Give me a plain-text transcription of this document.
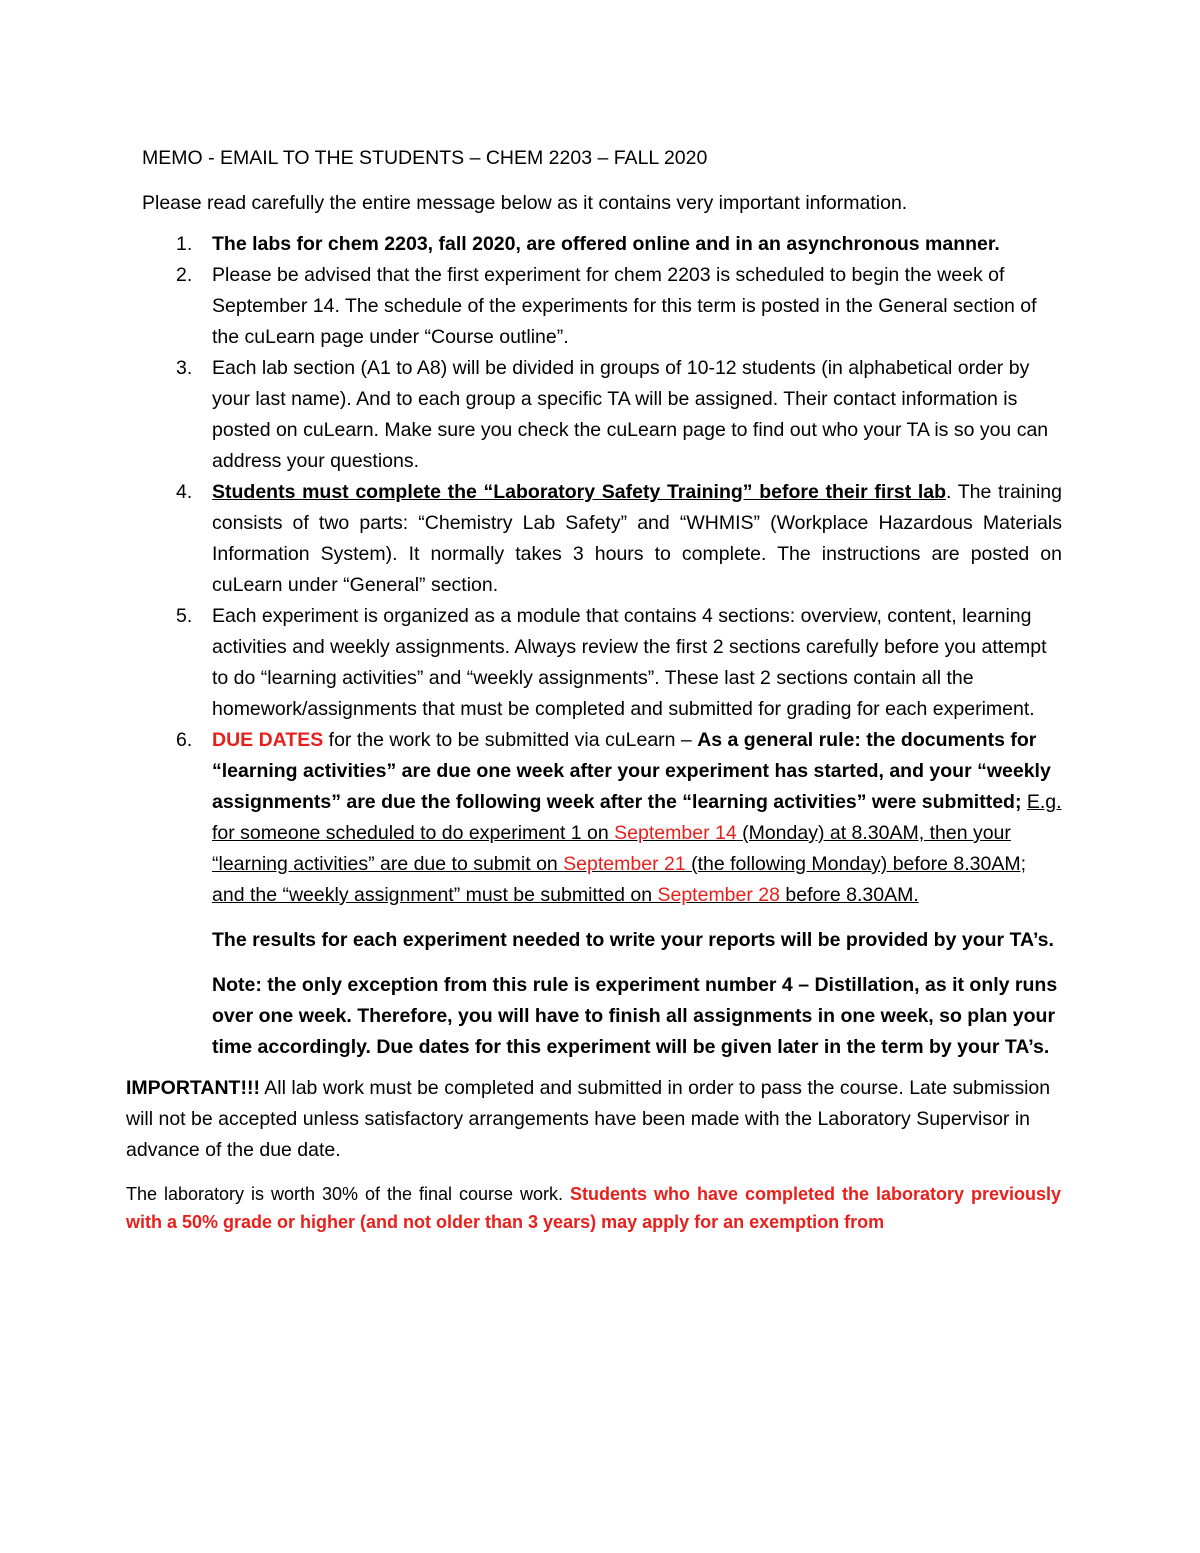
MEMO - EMAIL TO THE STUDENTS – CHEM 2203 – FALL 2020

Please read carefully the entire message below as it contains very important information.

1. The labs for chem 2203, fall 2020, are offered online and in an asynchronous manner.
2. Please be advised that the first experiment for chem 2203 is scheduled to begin the week of September 14. The schedule of the experiments for this term is posted in the General section of the cuLearn page under “Course outline”.
3. Each lab section (A1 to A8) will be divided in groups of 10-12 students (in alphabetical order by your last name). And to each group a specific TA will be assigned. Their contact information is posted on cuLearn. Make sure you check the cuLearn page to find out who your TA is so you can address your questions.
4. Students must complete the “Laboratory Safety Training” before their first lab. The training consists of two parts: “Chemistry Lab Safety” and “WHMIS” (Workplace Hazardous Materials Information System). It normally takes 3 hours to complete. The instructions are posted on cuLearn under “General” section.
5. Each experiment is organized as a module that contains 4 sections: overview, content, learning activities and weekly assignments. Always review the first 2 sections carefully before you attempt to do “learning activities” and “weekly assignments”. These last 2 sections contain all the homework/assignments that must be completed and submitted for grading for each experiment.
6. DUE DATES for the work to be submitted via cuLearn – As a general rule: the documents for “learning activities” are due one week after your experiment has started, and your “weekly assignments” are due the following week after the “learning activities” were submitted; E.g. for someone scheduled to do experiment 1 on September 14 (Monday) at 8.30AM, then your “learning activities” are due to submit on September 21 (the following Monday) before 8.30AM; and the “weekly assignment” must be submitted on September 28 before 8.30AM.

The results for each experiment needed to write your reports will be provided by your TA’s.

Note: the only exception from this rule is experiment number 4 – Distillation, as it only runs over one week. Therefore, you will have to finish all assignments in one week, so plan your time accordingly. Due dates for this experiment will be given later in the term by your TA’s.

IMPORTANT!!! All lab work must be completed and submitted in order to pass the course. Late submission will not be accepted unless satisfactory arrangements have been made with the Laboratory Supervisor in advance of the due date.

The laboratory is worth 30% of the final course work. Students who have completed the laboratory previously with a 50% grade or higher (and not older than 3 years) may apply for an exemption from
